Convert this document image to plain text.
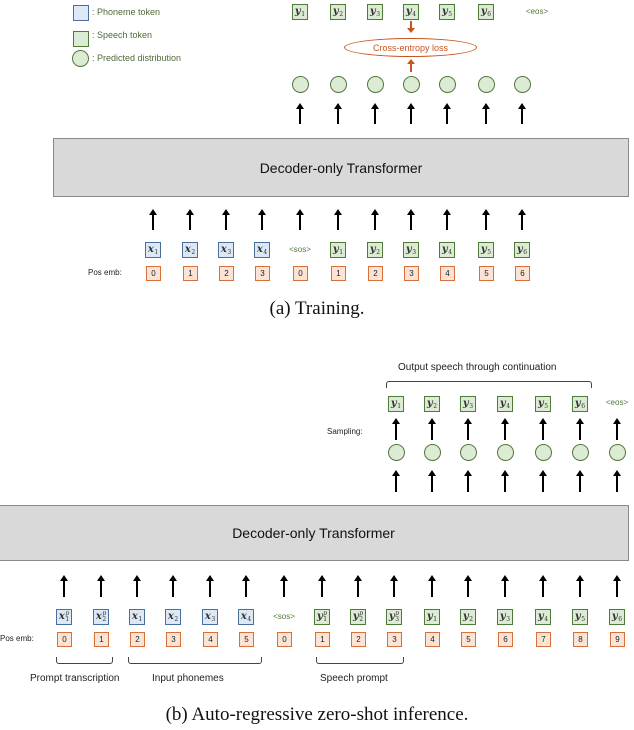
: Phoneme token
: Speech token
: Predicted distribution
Cross-entropy loss
Decoder-only Transformer
Pos emb:
(a) Training.
Output speech through continuation
Sampling:
Decoder-only Transformer
Pos emb:
Prompt transcription	Input phonemes	Speech prompt
(b) Auto-regressive zero-shot inference.
y 1	y 2	y 3	y 4	y 5	y 6	<eos>
x 1	x 2	x 3	x 4	<sos> y 1	y 2	y 3	y 4	y 5	y 6
0	1	2	3	0	1	2	3	4	5	6
y 1	y 2	y 3	y 4	y 5	y 6	<eos>
x p
1	x p
2	x 1	x 2	x 3	x 4	<sos> y p
1	y p
2	y p
3	y 1	y 2	y 3	y 4	y 5	y 6
0	1	2	3	4	5	0	1	2	3	4	5	6	7	8	9
